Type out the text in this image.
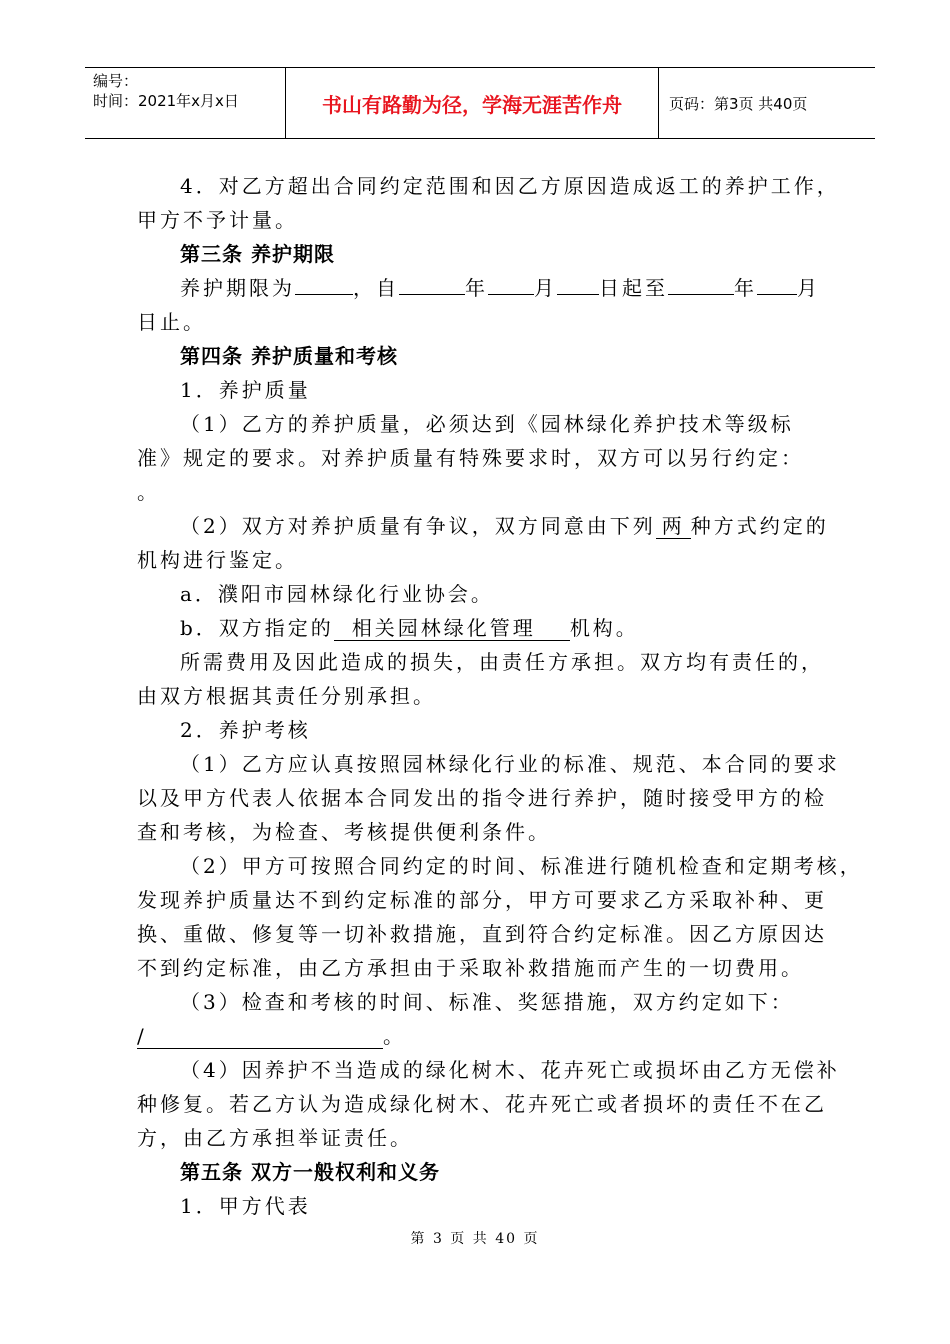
编号：
时间：2021年x月x日	书山有路勤为径，学海无涯苦作舟	页码：第3页 共40页
4．对乙方超出合同约定范围和因乙方原因造成返工的养护工作，
甲方不予计量。
第三条 养护期限
养护期限为	，自	年 月 日起至	年 月
日止。
第四条 养护质量和考核
1．养护质量
（1）乙方的养护质量，必须达到《园林绿化养护技术等级标
准》规定的要求。对养护质量有特殊要求时，双方可以另行约定：
。
（2）双方对养护质量有争议，双方同意由下列 两 种方式约定的
机构进行鉴定。
a．濮阳市园林绿化行业协会。
b．双方指定的 相关园林绿化管理 机构。
所需费用及因此造成的损失，由责任方承担。双方均有责任的，
由双方根据其责任分别承担。
2．养护考核
（1）乙方应认真按照园林绿化行业的标准、规范、本合同的要求
以及甲方代表人依据本合同发出的指令进行养护，随时接受甲方的检
查和考核，为检查、考核提供便利条件。
（2）甲方可按照合同约定的时间、标准进行随机检查和定期考核，
发现养护质量达不到约定标准的部分，甲方可要求乙方采取补种、更
换、重做、修复等一切补救措施，直到符合约定标准。因乙方原因达
不到约定标准，由乙方承担由于采取补救措施而产生的一切费用。
（3）检查和考核的时间、标准、奖惩措施，双方约定如下：
/	。
（4）因养护不当造成的绿化树木、花卉死亡或损坏由乙方无偿补
种修复。若乙方认为造成绿化树木、花卉死亡或者损坏的责任不在乙
方，由乙方承担举证责任。
第五条 双方一般权利和义务
1．甲方代表
第 3 页 共 40 页
